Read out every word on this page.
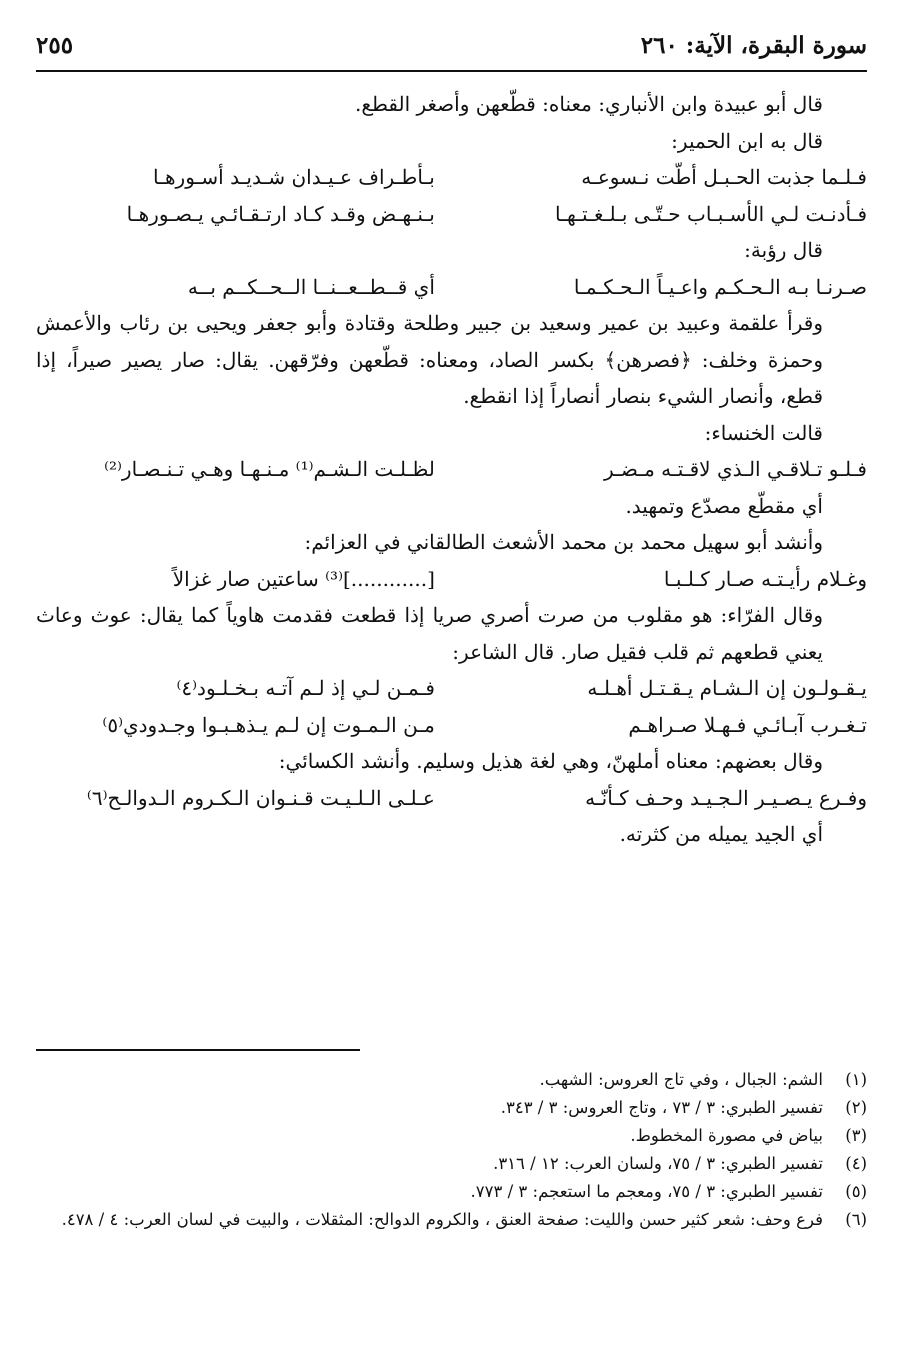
سورة البقرة، الآية: ٢٦٠
٢٥٥

قال أبو عبيدة وابن الأنباري: معناه: قطّعهن وأصغر القطع.

قال به ابن الحمير:

فـلـما جذبت الحـبـل أطّت نـسوعـه
بـأطـراف عـيـدان شـديـد أسـورهـا
فـأدنـت لـي الأسـبـاب حـتّـى بـلـغـتـهـا
بـنـهـض وقـد كـاد ارتـقـائـي يـصـورهـا

قال رؤبة:

صـرنـا بـه الـحـكـم واعـيـاً الـحـكـمـا
أي قــطــعــنــا الــحــكــم بــه

وقرأ علقمة وعبيد بن عمير وسعيد بن جبير وطلحة وقتادة وأبو جعفر ويحيى بن رئاب والأعمش وحمزة وخلف: ﴿فصرهن﴾ بكسر الصاد، ومعناه: قطّعهن وفرّقهن. يقال: صار يصير صيراً، إذا قطع، وأنصار الشيء بنصار أنصاراً إذا انقطع.

قالت الخنساء:

فـلـو تـلاقـي الـذي لاقـتـه مـضـر
لظـلـت الـشـم⁽¹⁾ مـنـهـا وهـي تـنـصـار⁽²⁾

أي مقطّع مصدّع وتمهيد.

وأنشد أبو سهيل محمد بن محمد الأشعث الطالقاني في العزائم:

وغـلام رأيـتـه صـار كـلـبـا
[............]⁽³⁾ ساعتين صار غزالاً

وقال الفرّاء: هو مقلوب من صرت أصري صريا إذا قطعت فقدمت هاوياً كما يقال: عوث وعاث يعني قطعهم ثم قلب فقيل صار. قال الشاعر:

يـقـولـون إن الـشـام يـقـتـل أهـلـه
فـمـن لـي إذ لـم آتـه بـخـلـود⁽٤⁾
تـغـرب آبـائـي فـهـلا صـراهـم
مـن الـمـوت إن لـم يـذهـبـوا وجـدودي⁽٥⁾

وقال بعضهم: معناه أملهنّ، وهي لغة هذيل وسليم. وأنشد الكسائي:

وفـرع يـصـيـر الـجـيـد وحـف كـأنّـه
عـلـى الـلـيـت قـنـوان الـكـروم الـدوالـح⁽٦⁾

أي الجيد يميله من كثرته.

(١)
الشم: الجبال ، وفي تاج العروس: الشهب.
(٢)
تفسير الطبري: ٣ / ٧٣ ، وتاج العروس: ٣ / ٣٤٣.
(٣)
بياض في مصورة المخطوط.
(٤)
تفسير الطبري: ٣ / ٧٥، ولسان العرب: ١٢ / ٣١٦.
(٥)
تفسير الطبري: ٣ / ٧٥، ومعجم ما استعجم: ٣ / ٧٧٣.
(٦)
فرع وحف: شعر كثير حسن والليت: صفحة العنق ، والكروم الدوالح: المثقلات ، والبيت في لسان العرب: ٤ / ٤٧٨.
